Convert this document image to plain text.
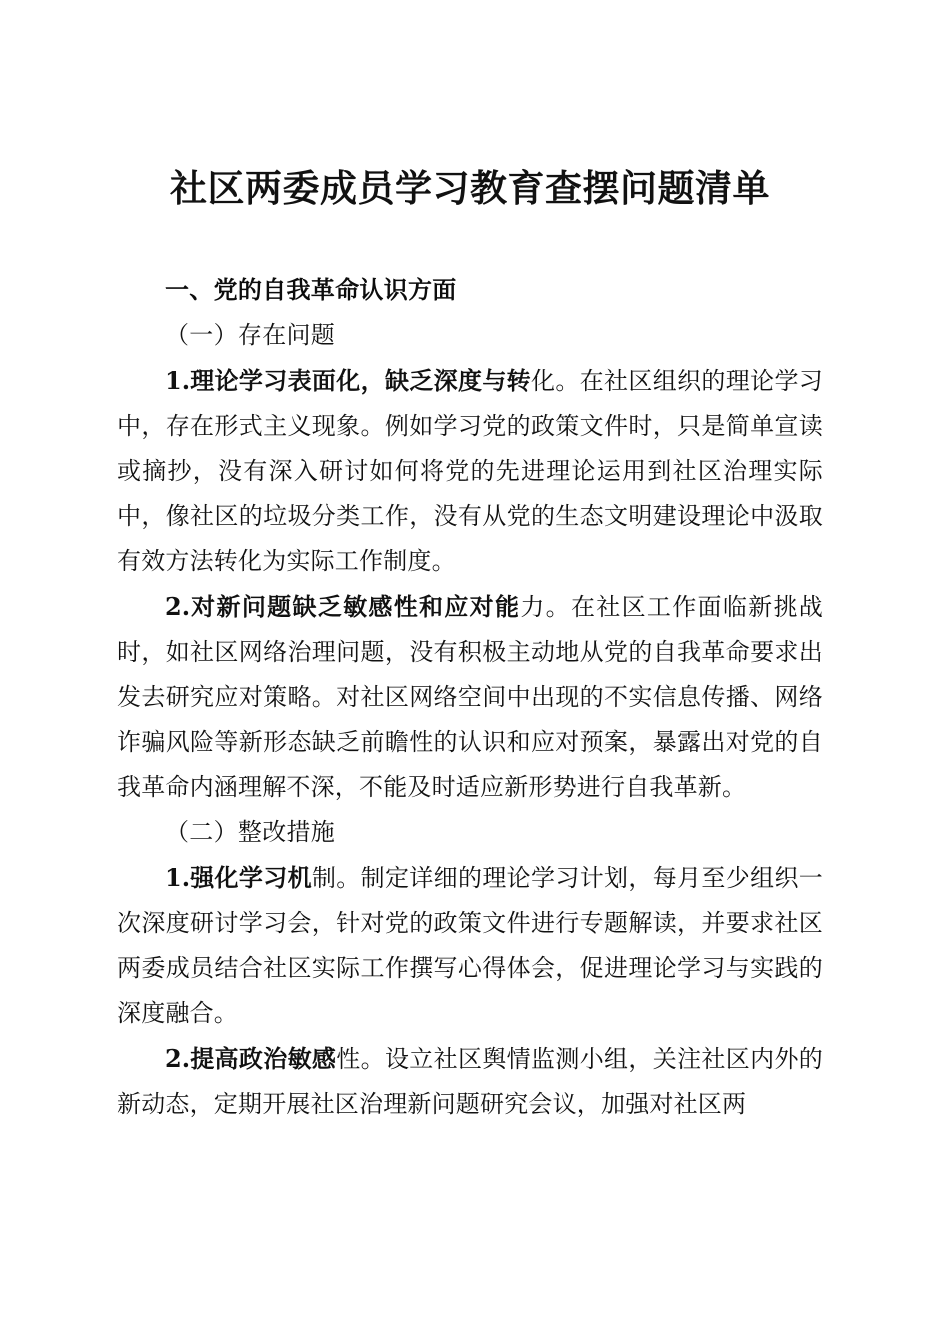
社区两委成员学习教育查摆问题清单
一、党的自我革命认识方面
（一）存在问题

1.理论学习表面化，缺乏深度与转化。在社区组织的理论学习中，存在形式主义现象。例如学习党的政策文件时，只是简单宣读或摘抄，没有深入研讨如何将党的先进理论运用到社区治理实际中，像社区的垃圾分类工作，没有从党的生态文明建设理论中汲取有效方法转化为实际工作制度。

2.对新问题缺乏敏感性和应对能力。在社区工作面临新挑战时，如社区网络治理问题，没有积极主动地从党的自我革命要求出发去研究应对策略。对社区网络空间中出现的不实信息传播、网络诈骗风险等新形态缺乏前瞻性的认识和应对预案，暴露出对党的自我革命内涵理解不深，不能及时适应新形势进行自我革新。

（二）整改措施

1.强化学习机制。制定详细的理论学习计划，每月至少组织一次深度研讨学习会，针对党的政策文件进行专题解读，并要求社区两委成员结合社区实际工作撰写心得体会，促进理论学习与实践的深度融合。

2.提高政治敏感性。设立社区舆情监测小组，关注社区内外的新动态，定期开展社区治理新问题研究会议，加强对社区两
